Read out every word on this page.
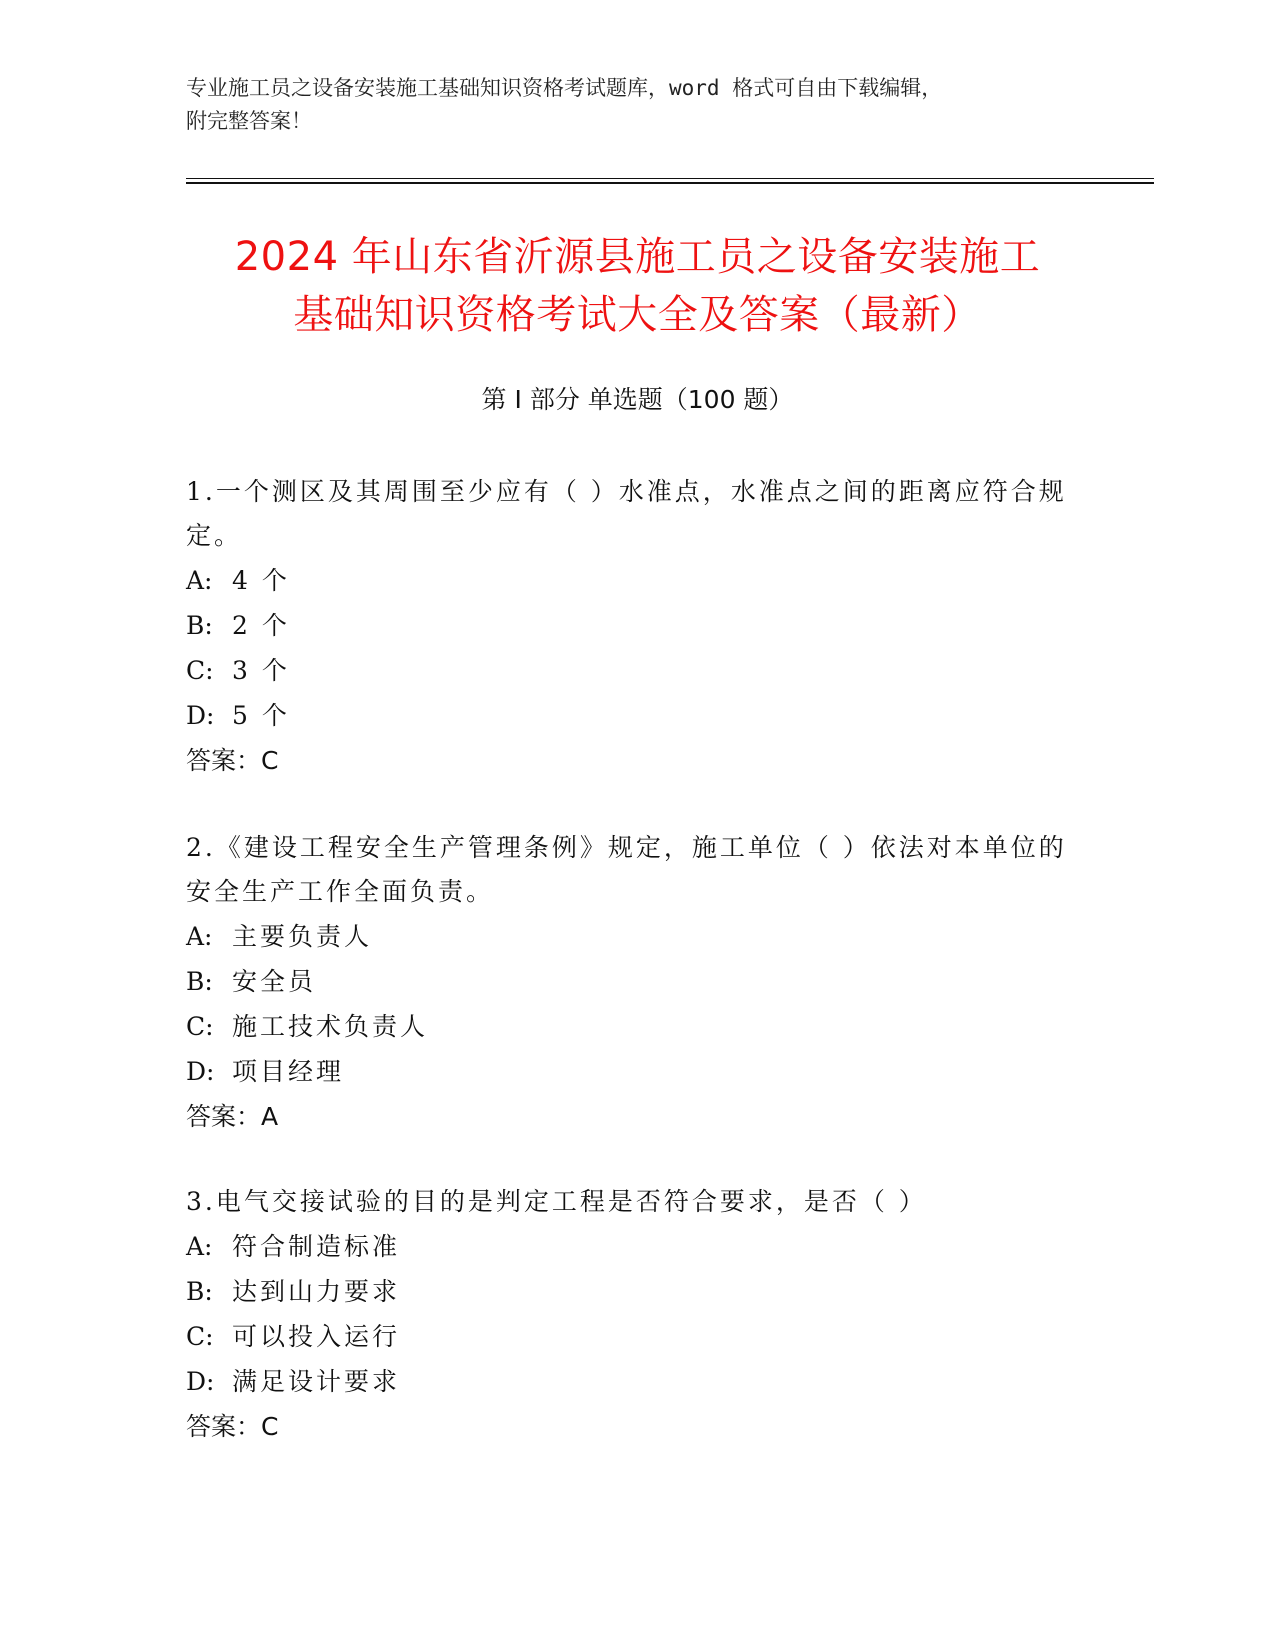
专业施工员之设备安装施工基础知识资格考试题库，word 格式可自由下载编辑，
附完整答案！
2024 年山东省沂源县施工员之设备安装施工
基础知识资格考试大全及答案（最新）
第 I 部分 单选题（100 题）

1.一个测区及其周围至少应有（ ）水准点，水准点之间的距离应符合规定。

A: 4 个

B: 2 个

C: 3 个

D: 5 个

答案：C

2.《建设工程安全生产管理条例》规定，施工单位（ ）依法对本单位的安全生产工作全面负责。

A: 主要负责人

B: 安全员

C: 施工技术负责人

D: 项目经理

答案：A

3.电气交接试验的目的是判定工程是否符合要求，是否（ ）

A: 符合制造标准

B: 达到山力要求

C: 可以投入运行

D: 满足设计要求

答案：C
